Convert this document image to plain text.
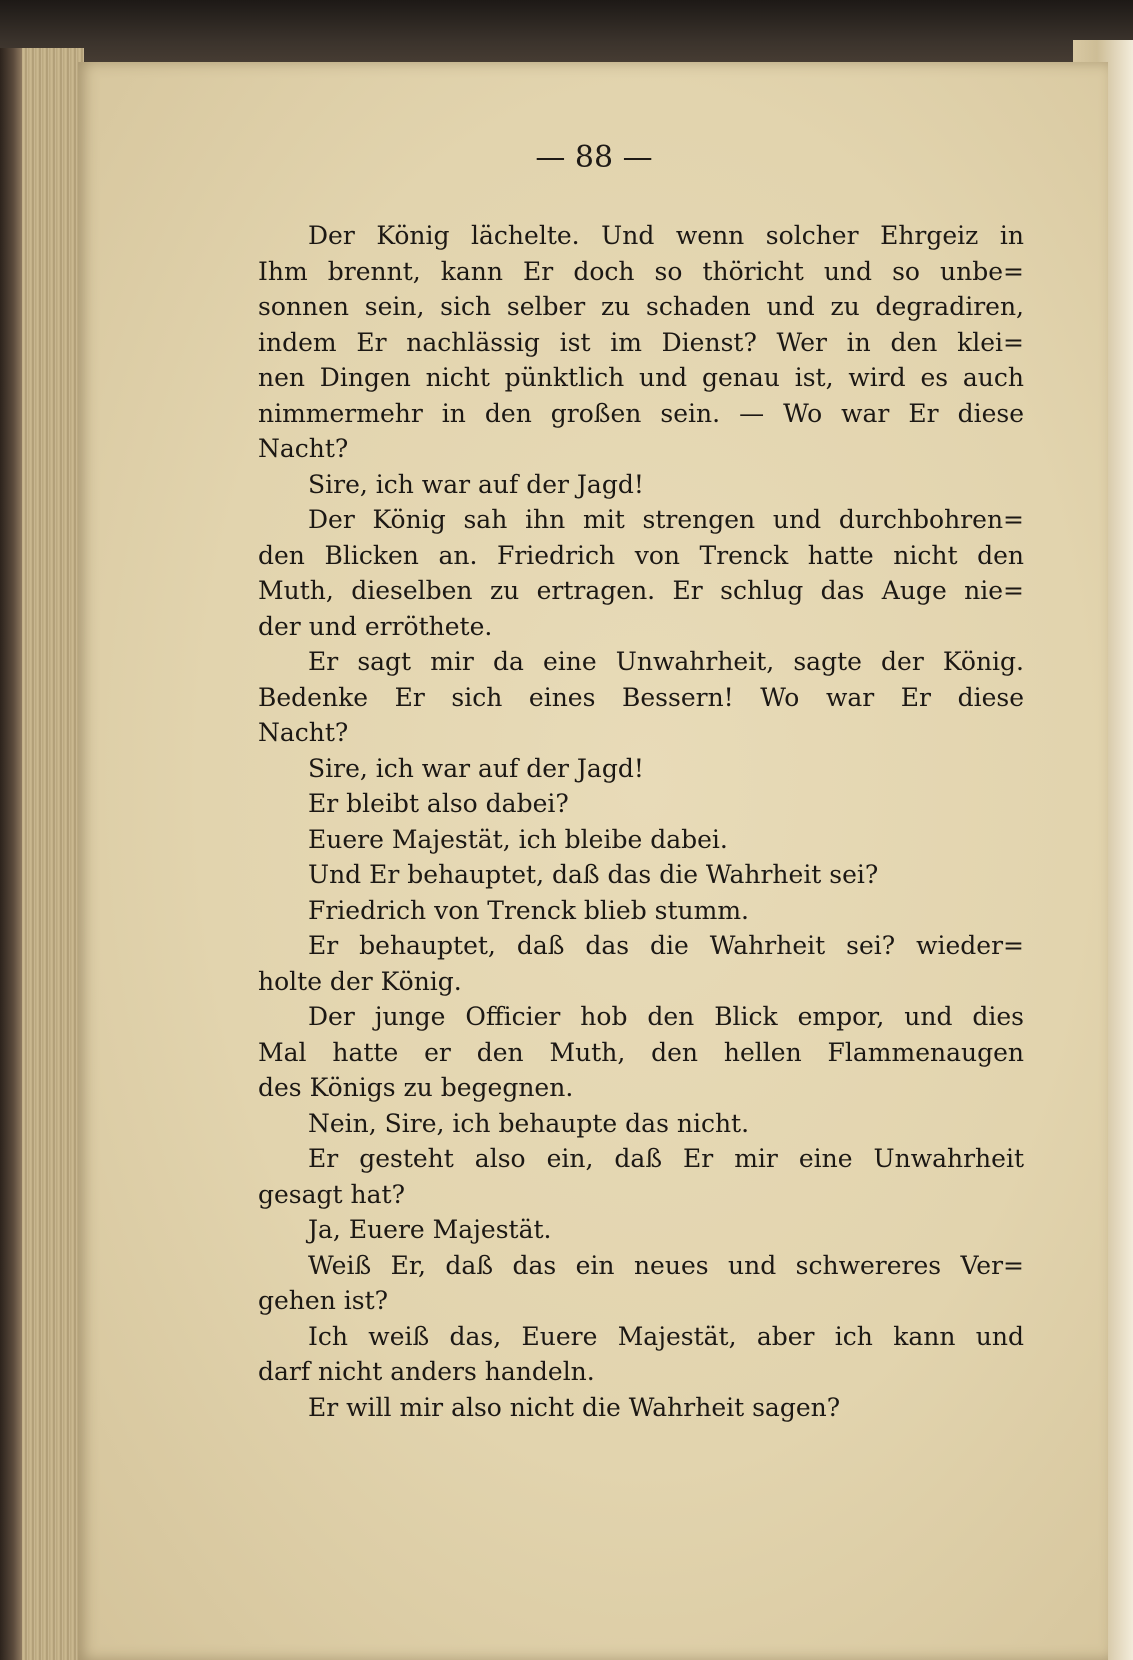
— 88 —
Der König lächelte. Und wenn solcher Ehrgeiz in
Ihm brennt, kann Er doch so thöricht und so unbe=
sonnen sein, sich selber zu schaden und zu degradiren,
indem Er nachlässig ist im Dienst? Wer in den klei=
nen Dingen nicht pünktlich und genau ist, wird es auch
nimmermehr in den großen sein. — Wo war Er diese
Nacht?
Sire, ich war auf der Jagd!
Der König sah ihn mit strengen und durchbohren=
den Blicken an. Friedrich von Trenck hatte nicht den
Muth, dieselben zu ertragen. Er schlug das Auge nie=
der und erröthete.
Er sagt mir da eine Unwahrheit, sagte der König.
Bedenke Er sich eines Bessern! Wo war Er diese
Nacht?
Sire, ich war auf der Jagd!
Er bleibt also dabei?
Euere Majestät, ich bleibe dabei.
Und Er behauptet, daß das die Wahrheit sei?
Friedrich von Trenck blieb stumm.
Er behauptet, daß das die Wahrheit sei? wieder=
holte der König.
Der junge Officier hob den Blick empor, und dies
Mal hatte er den Muth, den hellen Flammenaugen
des Königs zu begegnen.
Nein, Sire, ich behaupte das nicht.
Er gesteht also ein, daß Er mir eine Unwahrheit
gesagt hat?
Ja, Euere Majestät.
Weiß Er, daß das ein neues und schwereres Ver=
gehen ist?
Ich weiß das, Euere Majestät, aber ich kann und
darf nicht anders handeln.
Er will mir also nicht die Wahrheit sagen?
